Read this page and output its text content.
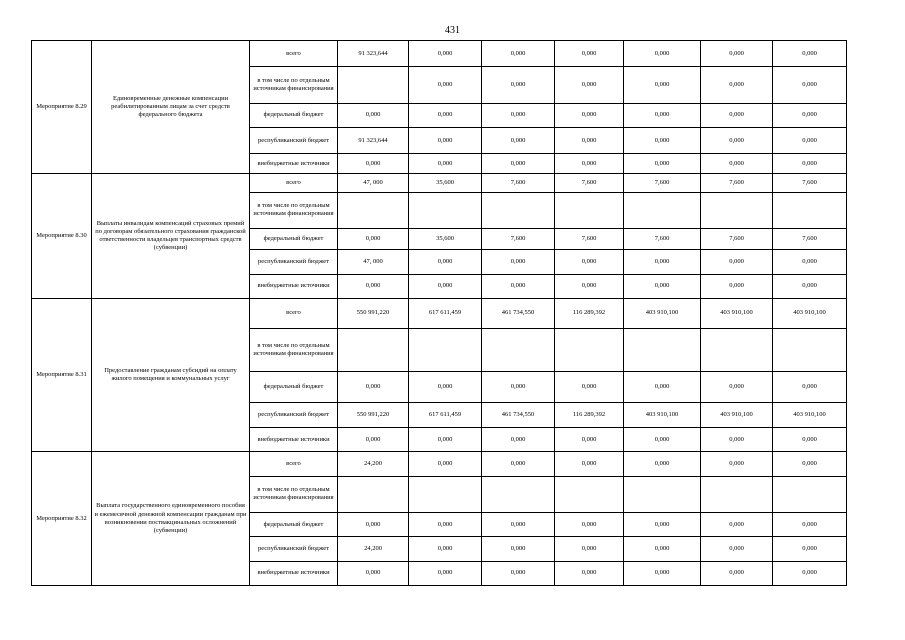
431
Мероприятие 8.29	Единовременные денежные компенсации реабилитированным лицам за счет средств федерального бюджета	всего	91 323,644	0,000	0,000	0,000	0,000	0,000	0,000
		в том числе по отдельным источникам финансирования		0,000	0,000	0,000	0,000	0,000	0,000
		федеральный бюджет	0,000	0,000	0,000	0,000	0,000	0,000	0,000
		республиканский бюджет	91 323,644	0,000	0,000	0,000	0,000	0,000	0,000
		внебюджетные источники	0,000	0,000	0,000	0,000	0,000	0,000	0,000
Мероприятие 8.30	Выплаты инвалидам компенсаций страховых премий по договорам обязательного страхования гражданской ответственности владельцев транспортных средств (субвенции)	всего	47, 000	35,600	7,600	7,600	7,600	7,600	7,600
		в том числе по отдельным источникам финансирования							
		федеральный бюджет	0,000	35,600	7,600	7,600	7,600	7,600	7,600
		республиканский бюджет	47, 000	0,000	0,000	0,000	0,000	0,000	0,000
		внебюджетные источники	0,000	0,000	0,000	0,000	0,000	0,000	0,000
Мероприятие 8.31	Предоставление гражданам субсидий на оплату жилого помещения и коммунальных услуг	всего	550 991,220	617 611,459	461 734,550	116 289,392	403 910,100	403 910,100	403 910,100
		в том числе по отдельным источникам финансирования							
		федеральный бюджет	0,000	0,000	0,000	0,000	0,000	0,000	0,000
		республиканский бюджет	550 991,220	617 611,459	461 734,550	116 289,392	403 910,100	403 910,100	403 910,100
		внебюджетные источники	0,000	0,000	0,000	0,000	0,000	0,000	0,000
Мероприятие 8.32	Выплата государственного единовременного пособия и ежемесячной денежной компенсации гражданам при возникновении поствакцинальных осложнений (субвенции)	всего	24,200	0,000	0,000	0,000	0,000	0,000	0,000
		в том числе по отдельным источникам финансирования							
		федеральный бюджет	0,000	0,000	0,000	0,000	0,000	0,000	0,000
		республиканский бюджет	24,200	0,000	0,000	0,000	0,000	0,000	0,000
		внебюджетные источники	0,000	0,000	0,000	0,000	0,000	0,000	0,000
